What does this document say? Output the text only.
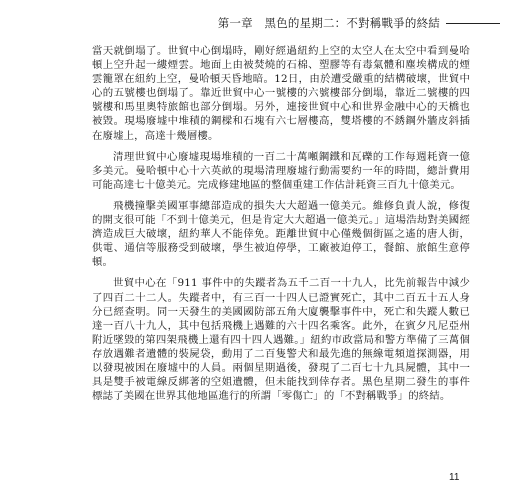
第一章　黑色的星期二：不對稱戰爭的終結

當天就倒塌了。世貿中心倒塌時，剛好經過紐約上空的太空人在太空中看到曼哈頓上空升起一縷煙雲。地面上由被焚燒的石棉、塑膠等有毒氣體和塵埃構成的煙雲籠罩在紐約上空，曼哈頓天昏地暗。12日，由於遭受嚴重的結構破壞，世貿中心的五號樓也倒塌了。靠近世貿中心一號樓的六號樓部分倒塌，靠近二號樓的四號樓和馬里奧特旅館也部分倒塌。另外，連接世貿中心和世界金融中心的天橋也被毀。現場廢墟中堆積的鋼樑和石塊有六七層樓高，雙塔樓的不銹鋼外牆皮斜插在廢墟上，高達十幾層樓。

清理世貿中心廢墟現場堆積的一百二十萬噸鋼鐵和瓦礫的工作每週耗資一億多美元。曼哈頓中心十六英畝的現場清理廢墟行動需要約一年的時間，總計費用可能高達七十億美元。完成修建地區的整個重建工作估計耗資三百九十億美元。

飛機撞擊美國軍事總部造成的損失大大超過一億美元。維修負責人說，修復的開支很可能「不到十億美元，但是肯定大大超過一億美元。」這場浩劫對美國經濟造成巨大破壞，紐約華人不能倖免。距離世貿中心僅幾個街區之遙的唐人街，供電、通信等服務受到破壞，學生被迫停學，工廠被迫停工，餐館、旅館生意停頓。

世貿中心在「911 事件中的失蹤者為五千二百一十九人，比先前報告中減少了四百二十二人。失蹤者中，有三百一十四人已證實死亡，其中二百五十五人身分已經查明。同一天發生的美國國防部五角大廈襲擊事件中，死亡和失蹤人數已達一百八十九人，其中包括飛機上遇難的六十四名乘客。此外，在賓夕凡尼亞州附近墜毀的第四架飛機上還有四十四人遇難。」紐約市政當局和警方準備了三萬個存放遇難者遺體的裝屍袋，動用了二百隻警犬和最先進的無線電頻道探測器，用以發現被困在廢墟中的人員。兩個星期過後，發現了二百七十九具屍體，其中一具是雙手被電線反綁著的空姐遺體，但未能找到倖存者。黑色星期二發生的事件標誌了美國在世界其他地區進行的所謂「零傷亡」的「不對稱戰爭」的終結。

11
